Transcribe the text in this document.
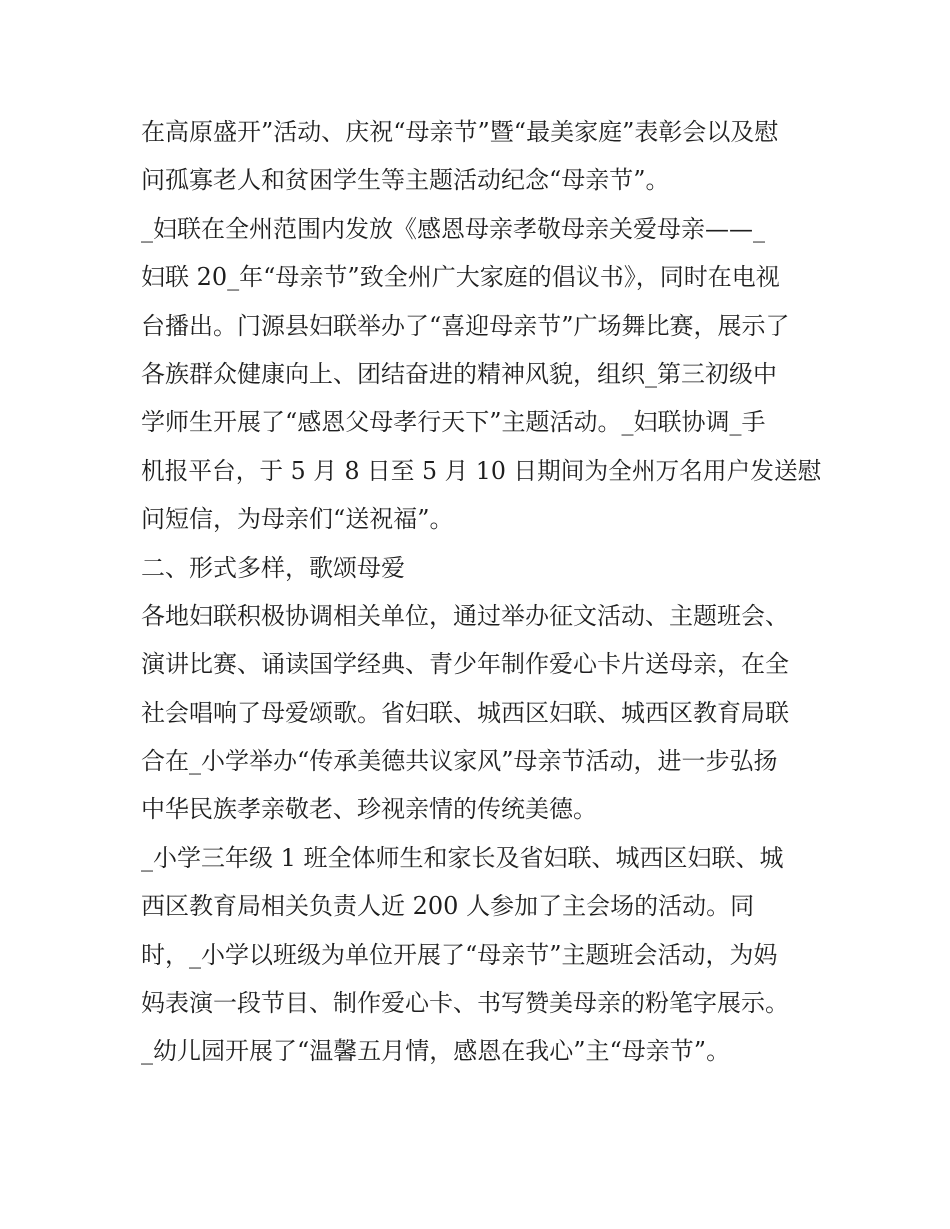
在高原盛开”活动、庆祝“母亲节”暨“最美家庭”表彰会以及慰
问孤寡老人和贫困学生等主题活动纪念“母亲节”。
_妇联在全州范围内发放《感恩母亲孝敬母亲关爱母亲——_
妇联 20_年“母亲节”致全州广大家庭的倡议书》，同时在电视
台播出。门源县妇联举办了“喜迎母亲节”广场舞比赛，展示了
各族群众健康向上、团结奋进的精神风貌，组织_第三初级中
学师生开展了“感恩父母孝行天下”主题活动。_妇联协调_手
机报平台，于 5 月 8 日至 5 月 10 日期间为全州万名用户发送慰
问短信，为母亲们“送祝福”。
二、形式多样，歌颂母爱
各地妇联积极协调相关单位，通过举办征文活动、主题班会、
演讲比赛、诵读国学经典、青少年制作爱心卡片送母亲，在全
社会唱响了母爱颂歌。省妇联、城西区妇联、城西区教育局联
合在_小学举办“传承美德共议家风”母亲节活动，进一步弘扬
中华民族孝亲敬老、珍视亲情的传统美德。
_小学三年级 1 班全体师生和家长及省妇联、城西区妇联、城
西区教育局相关负责人近 200 人参加了主会场的活动。同
时，_小学以班级为单位开展了“母亲节”主题班会活动，为妈
妈表演一段节目、制作爱心卡、书写赞美母亲的粉笔字展示。
_幼儿园开展了“温馨五月情，感恩在我心”主“母亲节”。
